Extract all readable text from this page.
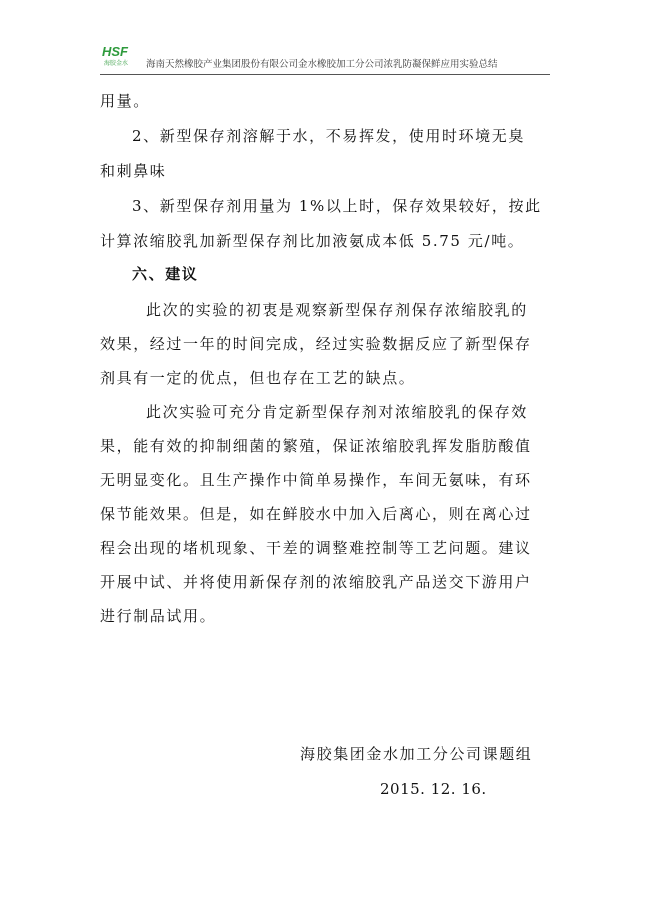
HSF
海胶金水 海南天然橡胶产业集团股份有限公司金水橡胶加工分公司浓乳防凝保鲜应用实验总结
用量。
2、新型保存剂溶解于水，不易挥发，使用时环境无臭
和刺鼻味
3、新型保存剂用量为 1%以上时，保存效果较好，按此
计算浓缩胶乳加新型保存剂比加液氨成本低 5.75 元/吨。
六、建议
此次的实验的初衷是观察新型保存剂保存浓缩胶乳的
效果，经过一年的时间完成，经过实验数据反应了新型保存
剂具有一定的优点，但也存在工艺的缺点。
此次实验可充分肯定新型保存剂对浓缩胶乳的保存效
果，能有效的抑制细菌的繁殖，保证浓缩胶乳挥发脂肪酸值
无明显变化。且生产操作中简单易操作，车间无氨味，有环
保节能效果。但是，如在鲜胶水中加入后离心，则在离心过
程会出现的堵机现象、干差的调整难控制等工艺问题。建议
开展中试、并将使用新保存剂的浓缩胶乳产品送交下游用户
进行制品试用。
海胶集团金水加工分公司课题组
2015. 12. 16.
